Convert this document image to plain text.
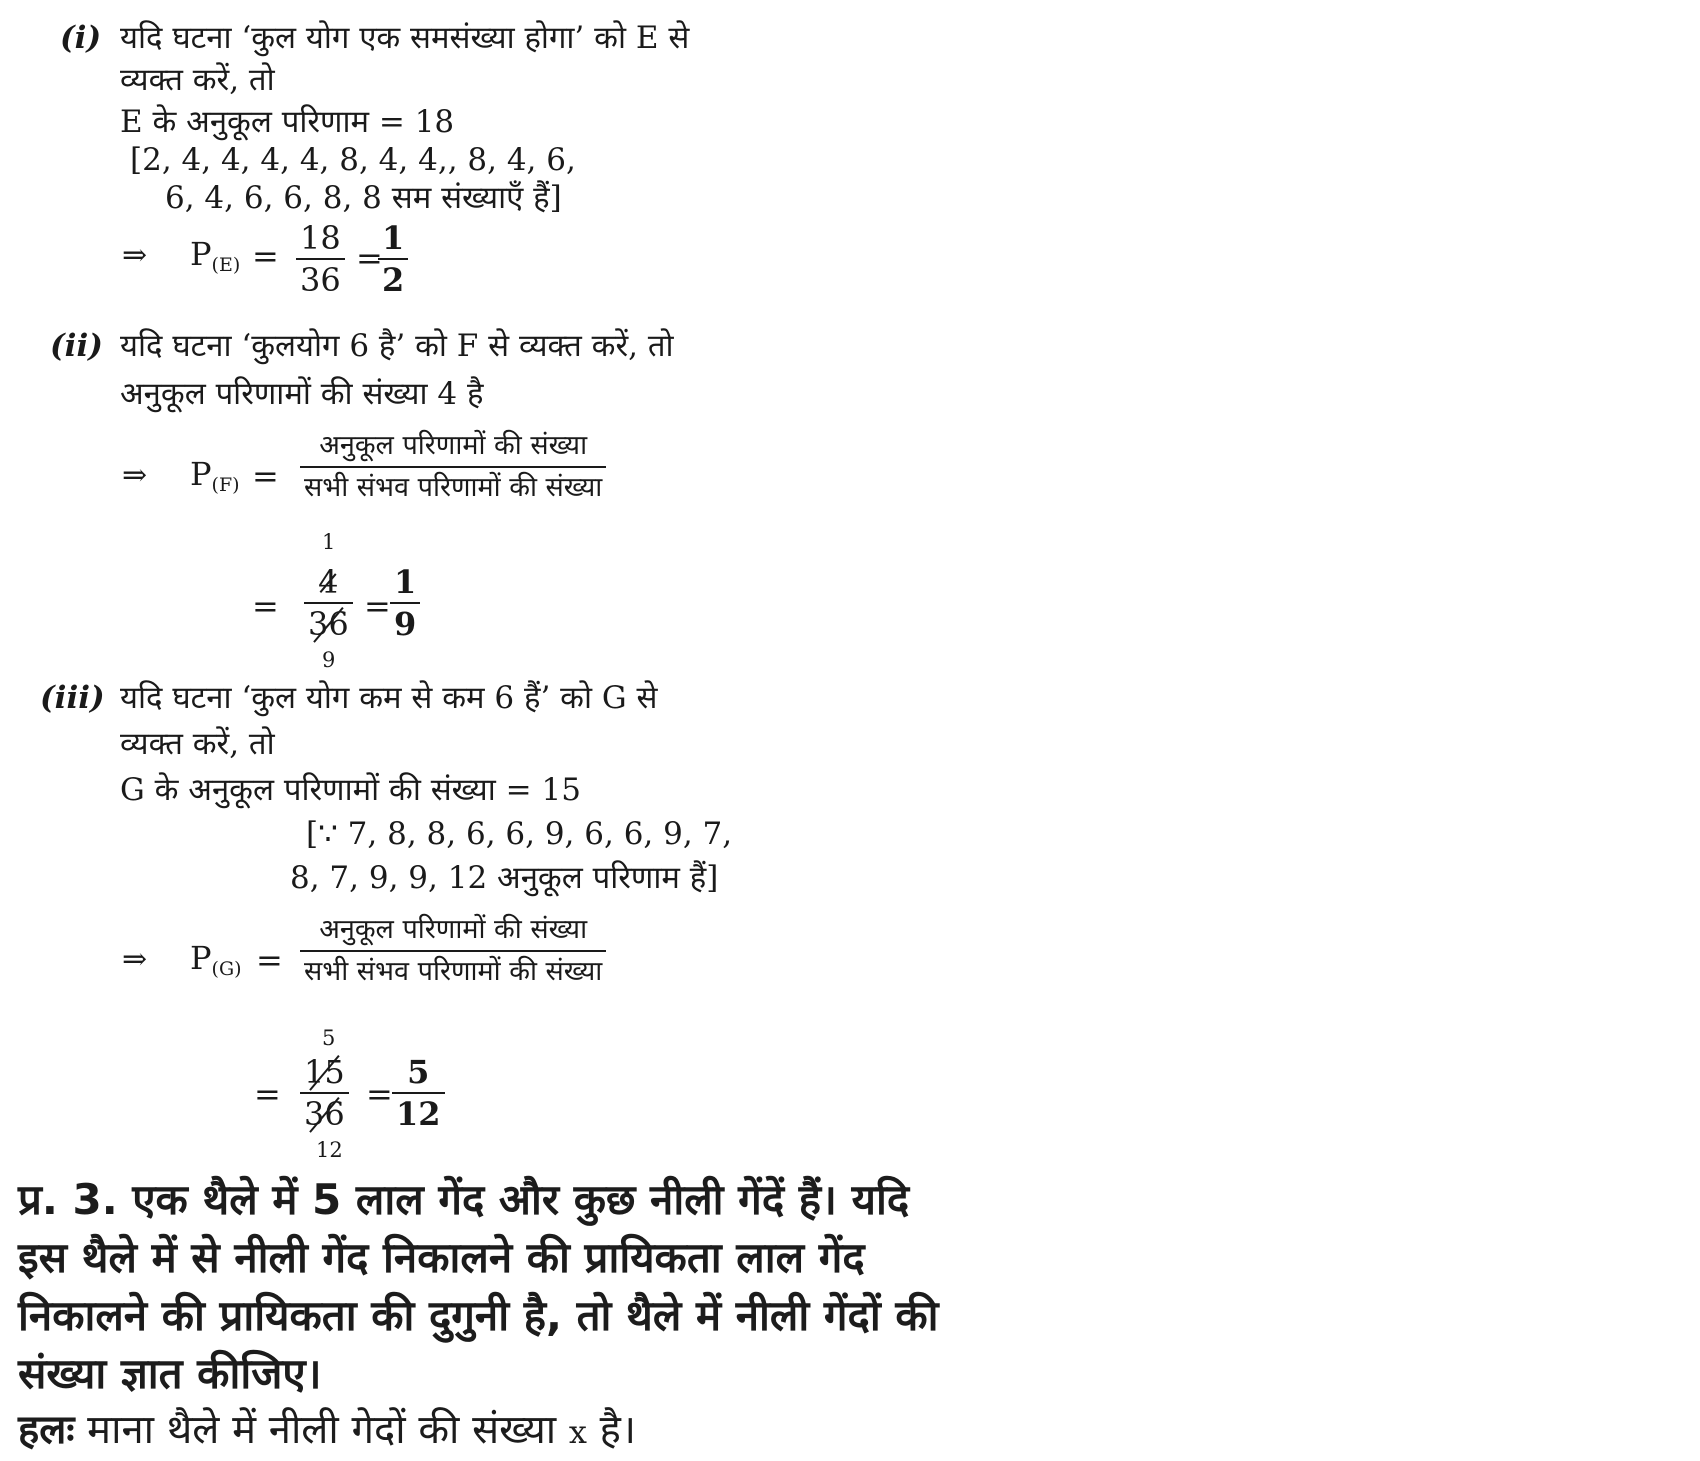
(i) यदि घटना ‘कुल योग एक समसंख्या होगा’ को E से
व्यक्त करें, तो
E के अनुकूल परिणाम = 18
[2, 4, 4, 4, 4, 8, 4, 4,, 8, 4, 6,
6, 4, 6, 6, 8, 8 सम संख्याएँ हैं]
⇒ $P_{(E)} = 18$
36
=
1
2
(ii) यदि घटना ‘कुलयोग 6 है’ को F से व्यक्त करें, तो
अनुकूल परिणामों की संख्या 4 है
⇒ $P_{(F)}$ =
अनुकूल परिणामों की संख्या
सभी संभव परिणामों की संख्या
1
=
4
36
9
=
1
9
(iii) यदि घटना ‘कुल योग कम से कम 6 हैं’ को G से
व्यक्त करें, तो
G के अनुकूल परिणामों की संख्या = 15
[∵ 7, 8, 8, 6, 6, 9, 6, 6, 9, 7,
8, 7, 9, 9, 12 अनुकूल परिणाम हैं]
⇒ $P_{(G)}$ =
अनुकूल परिणामों की संख्या
सभी संभव परिणामों की संख्या
5
=
15
36
12
=
5
12
प्र. 3. एक थैले में 5 लाल गेंद और कुछ नीली गेंदें हैं। यदि
इस थैले में से नीली गेंद निकालने की प्रायिकता लाल गेंद
निकालने की प्रायिकता की दुगुनी है, तो थैले में नीली गेंदों की
संख्या ज्ञात कीजिए।
हलः माना थैले में नीली गेदों की संख्या x है।
